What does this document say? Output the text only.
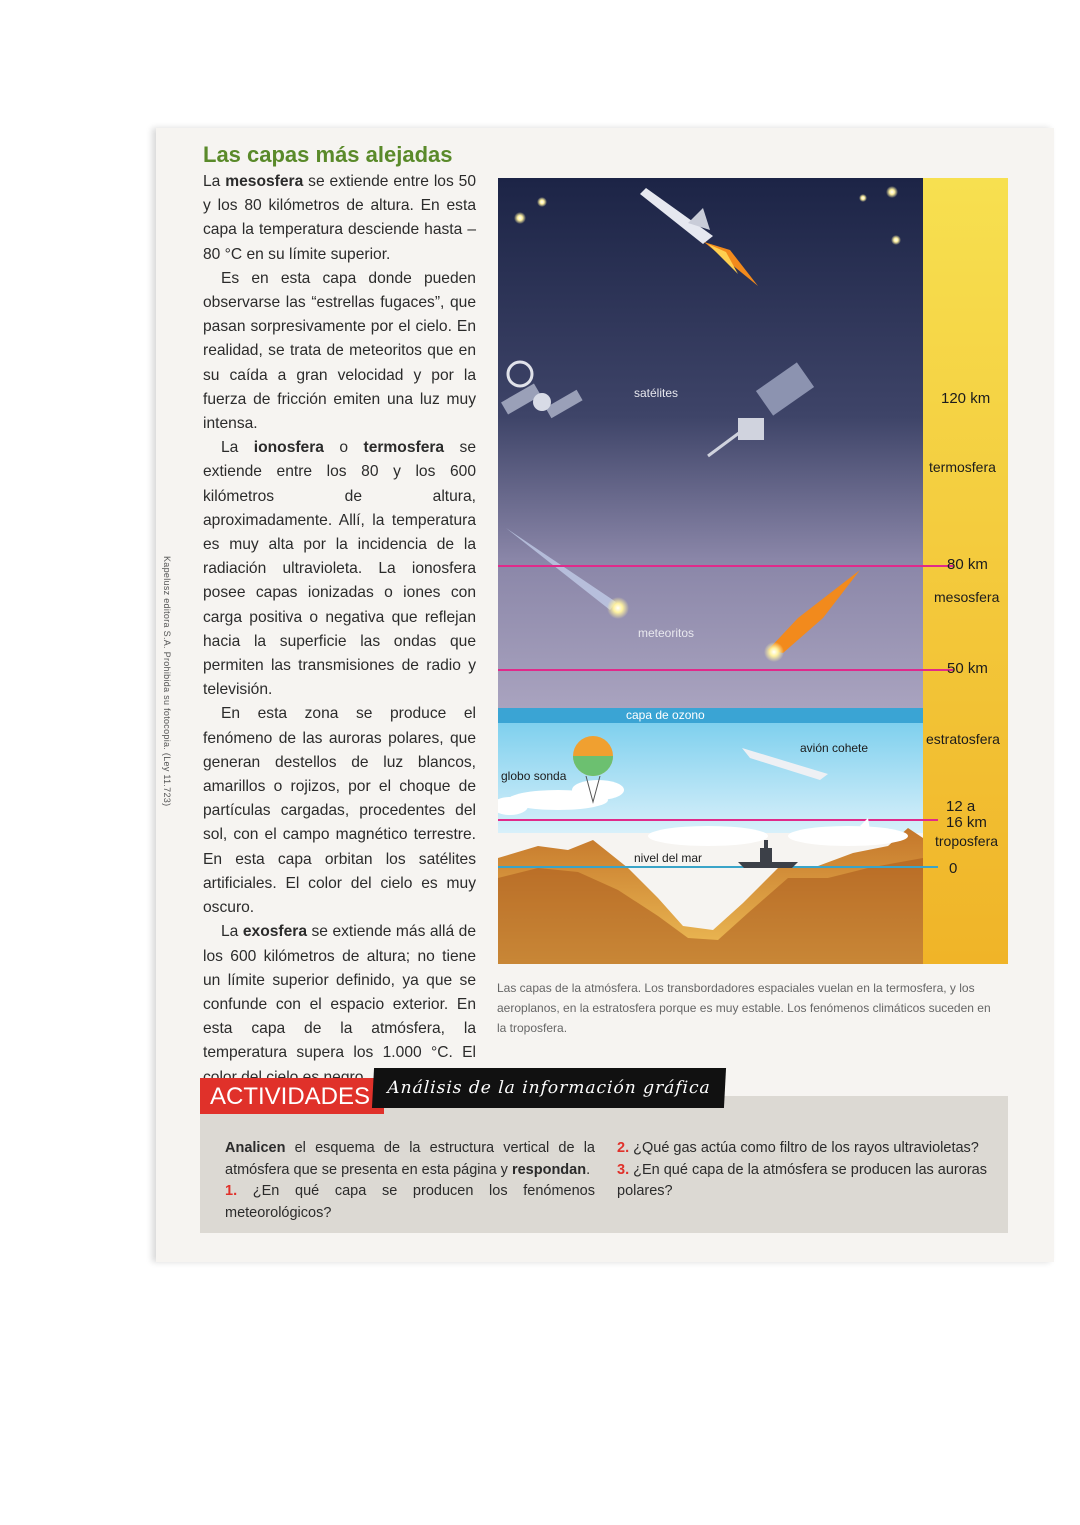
Kapelusz editora S.A. Prohibida su fotocopia. (Ley 11.723)
Las capas más alejadas

La mesosfera se extiende entre los 50 y los 80 kilómetros de altura. En esta capa la temperatura desciende hasta –80 °C en su límite superior.

Es en esta capa donde pueden observarse las “estrellas fugaces”, que pasan sorpresivamente por el cielo. En realidad, se trata de meteoritos que en su caída a gran velocidad y por la fuerza de fricción emiten una luz muy intensa.

La ionosfera o termosfera se extiende entre los 80 y los 600 kilómetros de altura, aproximadamente. Allí, la temperatura es muy alta por la incidencia de la radiación ultravioleta. La ionosfera posee capas ionizadas o iones con carga positiva o negativa que reflejan hacia la superficie las ondas que permiten las transmisiones de radio y televisión.

En esta zona se produce el fenómeno de las auroras polares, que generan destellos de luz blancos, amarillos o rojizos, por el choque de partículas cargadas, procedentes del sol, con el campo magnético terrestre. En esta capa orbitan los satélites artificiales. El color del cielo es muy oscuro.

La exosfera se extiende más allá de los 600 kilómetros de altura; no tiene un límite superior definido, ya que se confunde con el espacio exterior. En esta capa de la atmósfera, la temperatura supera los 1.000 °C. El

satélites
meteoritos
capa de ozono
globo sonda
avión cohete
nivel del mar
120 km
termosfera
80 km
mesosfera
50 km
estratosfera
12 a
16 km
troposfera
0
Las capas de la atmósfera. Los transbordadores espaciales vuelan en la termosfera, y los aeroplanos, en la estratosfera porque es muy estable. Los fenómenos climáticos suceden en la troposfera.
ACTIVIDADES Análisis de la información gráfica
Analicen el esquema de la estructura vertical de la atmósfera que se presenta en esta página y respondan.
1. ¿En qué capa se producen los fenómenos meteorológicos?
2. ¿Qué gas actúa como filtro de los rayos ultravioletas?
3. ¿En qué capa de la atmósfera se producen las auroras polares?
